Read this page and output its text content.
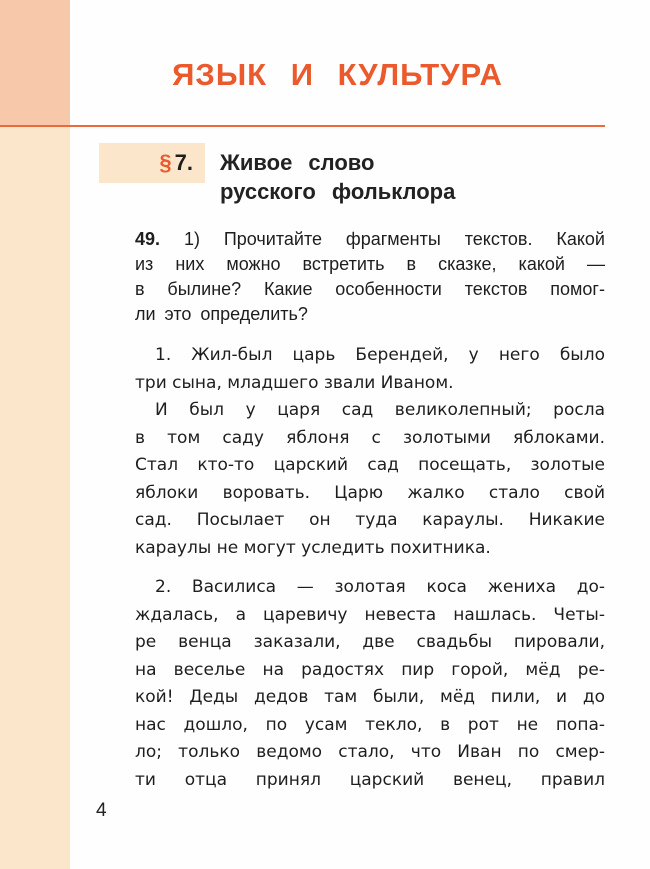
ЯЗЫК И КУЛЬТУРА
§ 7. Живое слово
русского фольклора
49. 1) Прочитайте фрагменты текстов. Какой
из них можно встретить в сказке, какой —
в былине? Какие особенности текстов помог-
ли это определить?
1. Жил-был царь Берендей, у него было
три сына, младшего звали Иваном.
И был у царя сад великолепный; росла
в том саду яблоня с золотыми яблоками.
Стал кто-то царский сад посещать, золотые
яблоки воровать. Царю жалко стало свой
сад. Посылает он туда караулы. Никакие
караулы не могут уследить похитника.
2. Василиса — золотая коса жениха до-
ждалась, а царевичу невеста нашлась. Четы-
ре венца заказали, две свадьбы пировали,
на веселье на радостях пир горой, мёд ре-
кой! Деды дедов там были, мёд пили, и до
нас дошло, по усам текло, в рот не попа-
ло; только ведомо стало, что Иван по смер-
ти отца принял царский венец, правил
4
